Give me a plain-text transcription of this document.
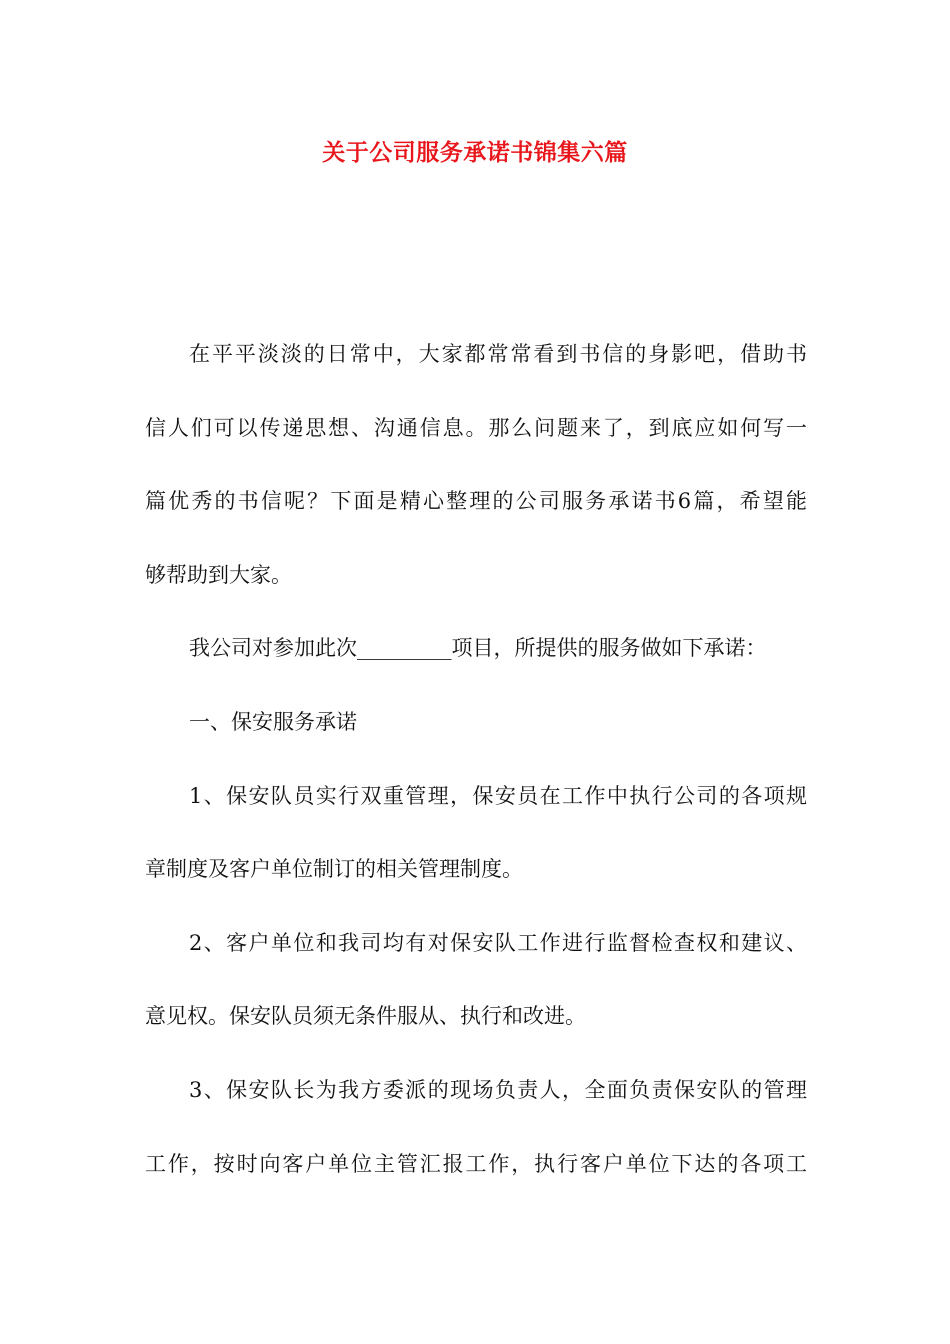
关于公司服务承诺书锦集六篇
在平平淡淡的日常中，大家都常常看到书信的身影吧，借助书
信人们可以传递思想、沟通信息。那么问题来了，到底应如何写一
篇优秀的书信呢？下面是精心整理的公司服务承诺书6篇，希望能
够帮助到大家。
我公司对参加此次_________项目，所提供的服务做如下承诺：
一、保安服务承诺
1、保安队员实行双重管理，保安员在工作中执行公司的各项规
章制度及客户单位制订的相关管理制度。
2、客户单位和我司均有对保安队工作进行监督检查权和建议、
意见权。保安队员须无条件服从、执行和改进。
3、保安队长为我方委派的现场负责人，全面负责保安队的管理
工作，按时向客户单位主管汇报工作，执行客户单位下达的各项工
